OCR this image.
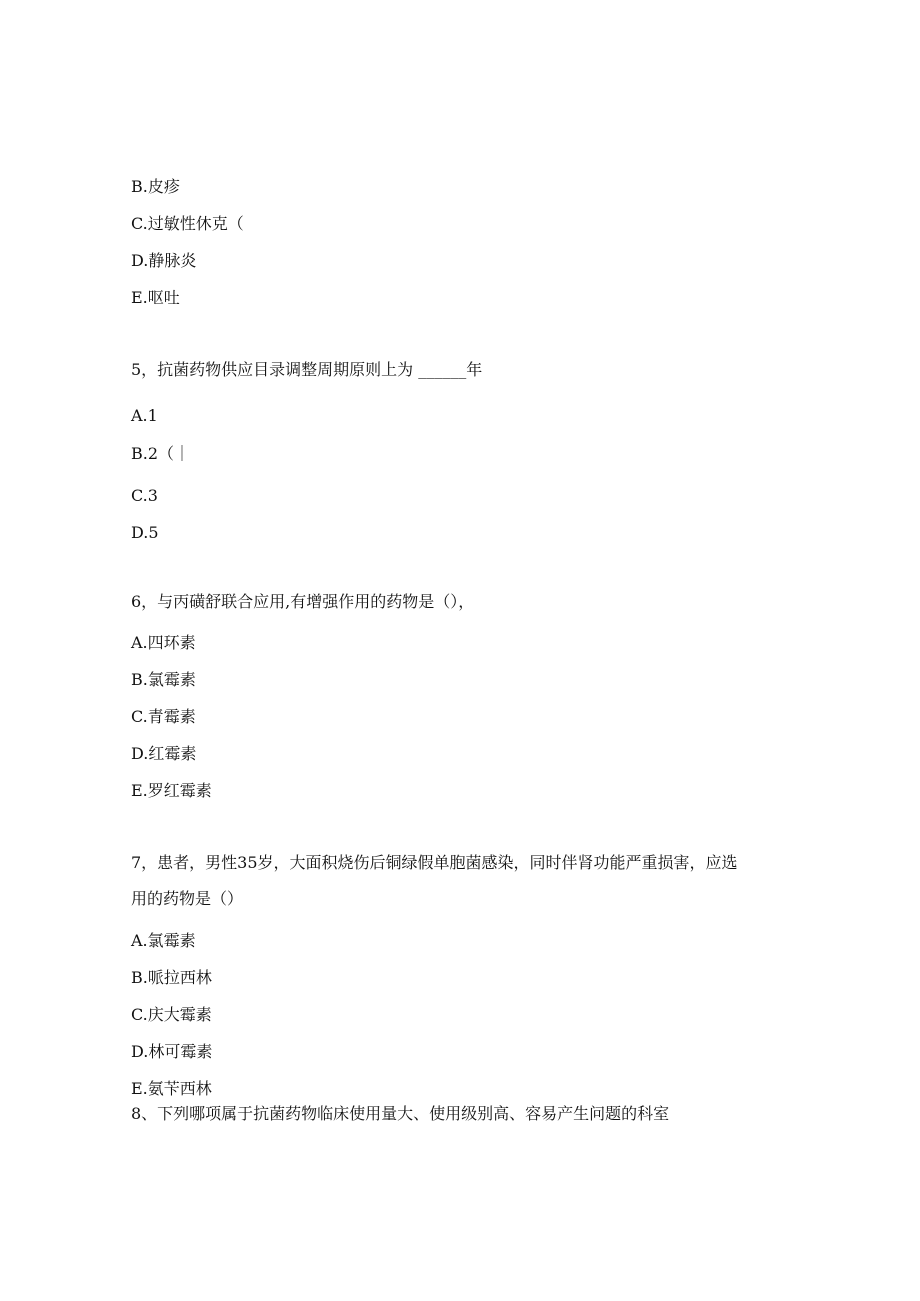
B.皮疹
C.过敏性休克（
D.静脉炎
E.呕吐
5，抗菌药物供应目录调整周期原则上为 ______年
A.1
B.2（｜
C.3
D.5
6，与丙磺舒联合应用,有增强作用的药物是（），
A.四环素
B.氯霉素
C.青霉素
D.红霉素
E.罗红霉素
7，患者，男性35岁，大面积烧伤后铜绿假单胞菌感染，同时伴肾功能严重损害，应选
用的药物是（）
A.氯霉素
B.哌拉西林
C.庆大霉素
D.林可霉素
E.氨苄西林
8、下列哪项属于抗菌药物临床使用量大、使用级别高、容易产生问题的科室
